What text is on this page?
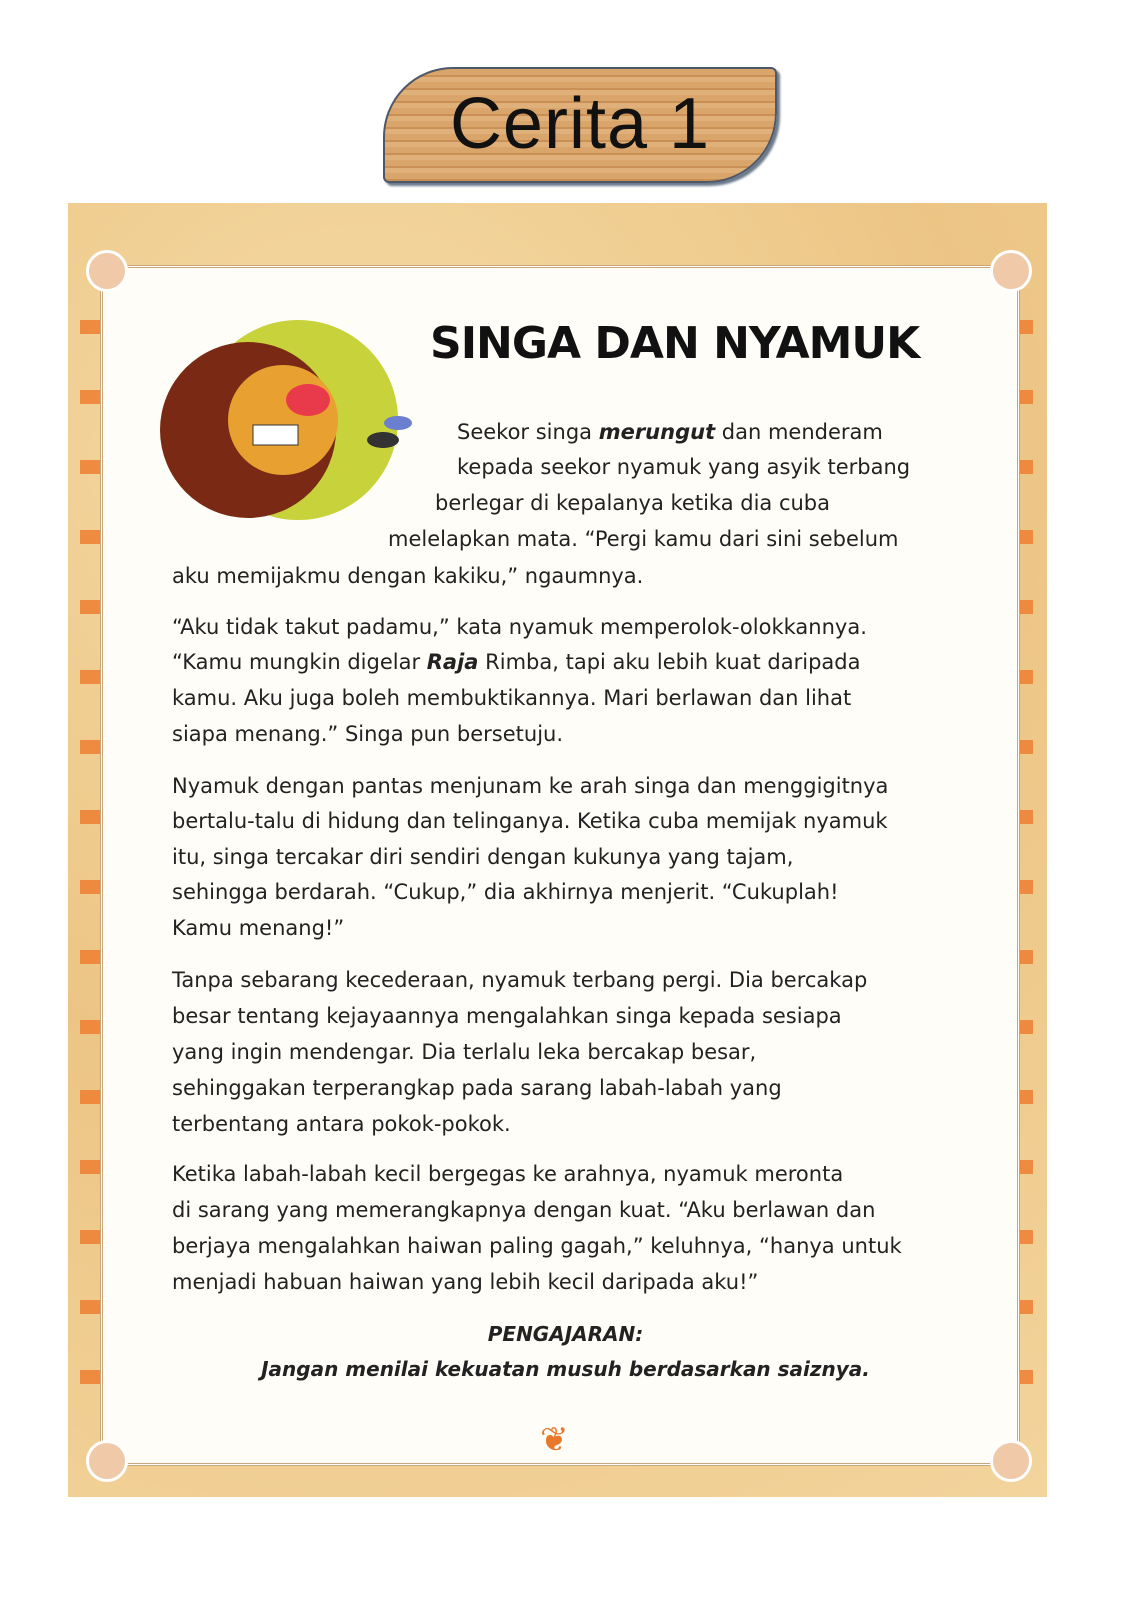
Cerita 1
SINGA DAN NYAMUK
Seekor singa merungut dan menderam
kepada seekor nyamuk yang asyik terbang
berlegar di kepalanya ketika dia cuba
melelapkan mata. “Pergi kamu dari sini sebelum
aku memijakmu dengan kakiku,” ngaumnya.
“Aku tidak takut padamu,” kata nyamuk memperolok-olokkannya.
“Kamu mungkin digelar Raja Rimba, tapi aku lebih kuat daripada
kamu. Aku juga boleh membuktikannya. Mari berlawan dan lihat
siapa menang.” Singa pun bersetuju.
Nyamuk dengan pantas menjunam ke arah singa dan menggigitnya
bertalu-talu di hidung dan telinganya. Ketika cuba memijak nyamuk
itu, singa tercakar diri sendiri dengan kukunya yang tajam,
sehingga berdarah. “Cukup,” dia akhirnya menjerit. “Cukuplah!
Kamu menang!”
Tanpa sebarang kecederaan, nyamuk terbang pergi. Dia bercakap
besar tentang kejayaannya mengalahkan singa kepada sesiapa
yang ingin mendengar. Dia terlalu leka bercakap besar,
sehinggakan terperangkap pada sarang labah-labah yang
terbentang antara pokok-pokok.
Ketika labah-labah kecil bergegas ke arahnya, nyamuk meronta
di sarang yang memerangkapnya dengan kuat. “Aku berlawan dan
berjaya mengalahkan haiwan paling gagah,” keluhnya, “hanya untuk
menjadi habuan haiwan yang lebih kecil daripada aku!”
PENGAJARAN:
Jangan menilai kekuatan musuh berdasarkan saiznya.
❦
